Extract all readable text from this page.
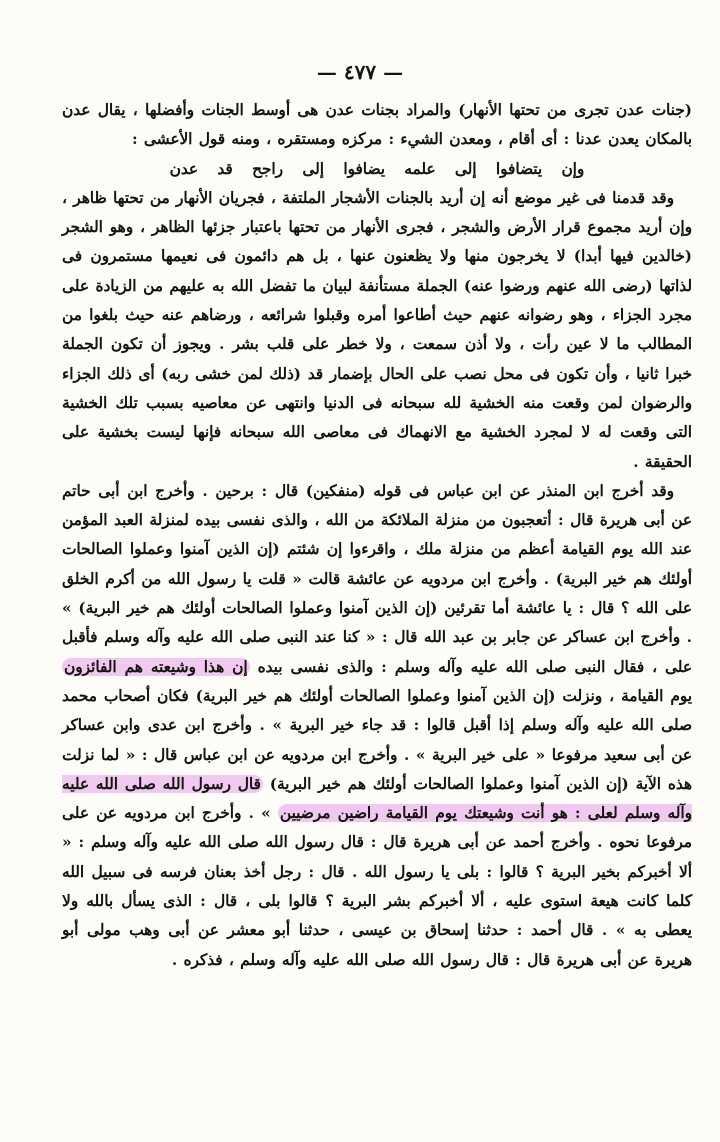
— ٤٧٧ —

(جنات عدن تجرى من تحتها الأنهار) والمراد بجنات عدن هى أوسط الجنات وأفضلها ، يقال عدن بالمكان يعدن عدنا : أى أقام ، ومعدن الشيء : مركزه ومستقره ، ومنه قول الأعشى :

وإن يتضافوا إلى علمه يضافوا إلى راجح قد عدن

وقد قدمنا فى غير موضع أنه إن أريد بالجنات الأشجار الملتفة ، فجريان الأنهار من تحتها ظاهر ، وإن أريد مجموع قرار الأرض والشجر ، فجرى الأنهار من تحتها باعتبار جزئها الظاهر ، وهو الشجر (خالدين فيها أبدا) لا يخرجون منها ولا يظعنون عنها ، بل هم دائمون فى نعيمها مستمرون فى لذاتها (رضى الله عنهم ورضوا عنه) الجملة مستأنفة لبيان ما تفضل الله به عليهم من الزيادة على مجرد الجزاء ، وهو رضوانه عنهم حيث أطاعوا أمره وقبلوا شرائعه ، ورضاهم عنه حيث بلغوا من المطالب ما لا عين رأت ، ولا أذن سمعت ، ولا خطر على قلب بشر . ويجوز أن تكون الجملة خبرا ثانيا ، وأن تكون فى محل نصب على الحال بإضمار قد (ذلك لمن خشى ربه) أى ذلك الجزاء والرضوان لمن وقعت منه الخشية لله سبحانه فى الدنيا وانتهى عن معاصيه بسبب تلك الخشية التى وقعت له لا لمجرد الخشية مع الانهماك فى معاصى الله سبحانه فإنها ليست بخشية على الحقيقة .

وقد أخرج ابن المنذر عن ابن عباس فى قوله (منفكين) قال : برحين . وأخرج ابن أبى حاتم عن أبى هريرة قال : أتعجبون من منزلة الملائكة من الله ، والذى نفسى بيده لمنزلة العبد المؤمن عند الله يوم القيامة أعظم من منزلة ملك ، واقرءوا إن شئتم (إن الذين آمنوا وعملوا الصالحات أولئك هم خير البرية) . وأخرج ابن مردويه عن عائشة قالت « قلت يا رسول الله من أكرم الخلق على الله ؟ قال : يا عائشة أما تقرئين (إن الذين آمنوا وعملوا الصالحات أولئك هم خير البرية) » . وأخرج ابن عساكر عن جابر بن عبد الله قال : « كنا عند النبى صلى الله عليه وآله وسلم فأقبل على ، فقال النبى صلى الله عليه وآله وسلم : والذى نفسى بيده إن هذا وشيعته هم الفائزون يوم القيامة ، ونزلت (إن الذين آمنوا وعملوا الصالحات أولئك هم خير البرية) فكان أصحاب محمد صلى الله عليه وآله وسلم إذا أقبل قالوا : قد جاء خير البرية » . وأخرج ابن عدى وابن عساكر عن أبى سعيد مرفوعا « على خير البرية » . وأخرج ابن مردويه عن ابن عباس قال : « لما نزلت هذه الآية (إن الذين آمنوا وعملوا الصالحات أولئك هم خير البرية) قال رسول الله صلى الله عليه وآله وسلم لعلى : هو أنت وشيعتك يوم القيامة راضين مرضيين » . وأخرج ابن مردويه عن على مرفوعا نحوه . وأخرج أحمد عن أبى هريرة قال : قال رسول الله صلى الله عليه وآله وسلم : « ألا أخبركم بخير البرية ؟ قالوا : بلى يا رسول الله . قال : رجل أخذ بعنان فرسه فى سبيل الله كلما كانت هيعة استوى عليه ، ألا أخبركم بشر البرية ؟ قالوا بلى ، قال : الذى يسأل بالله ولا يعطى به » . قال أحمد : حدثنا إسحاق بن عيسى ، حدثنا أبو معشر عن أبى وهب مولى أبو هريرة عن أبى هريرة قال : قال رسول الله صلى الله عليه وآله وسلم ، فذكره .
